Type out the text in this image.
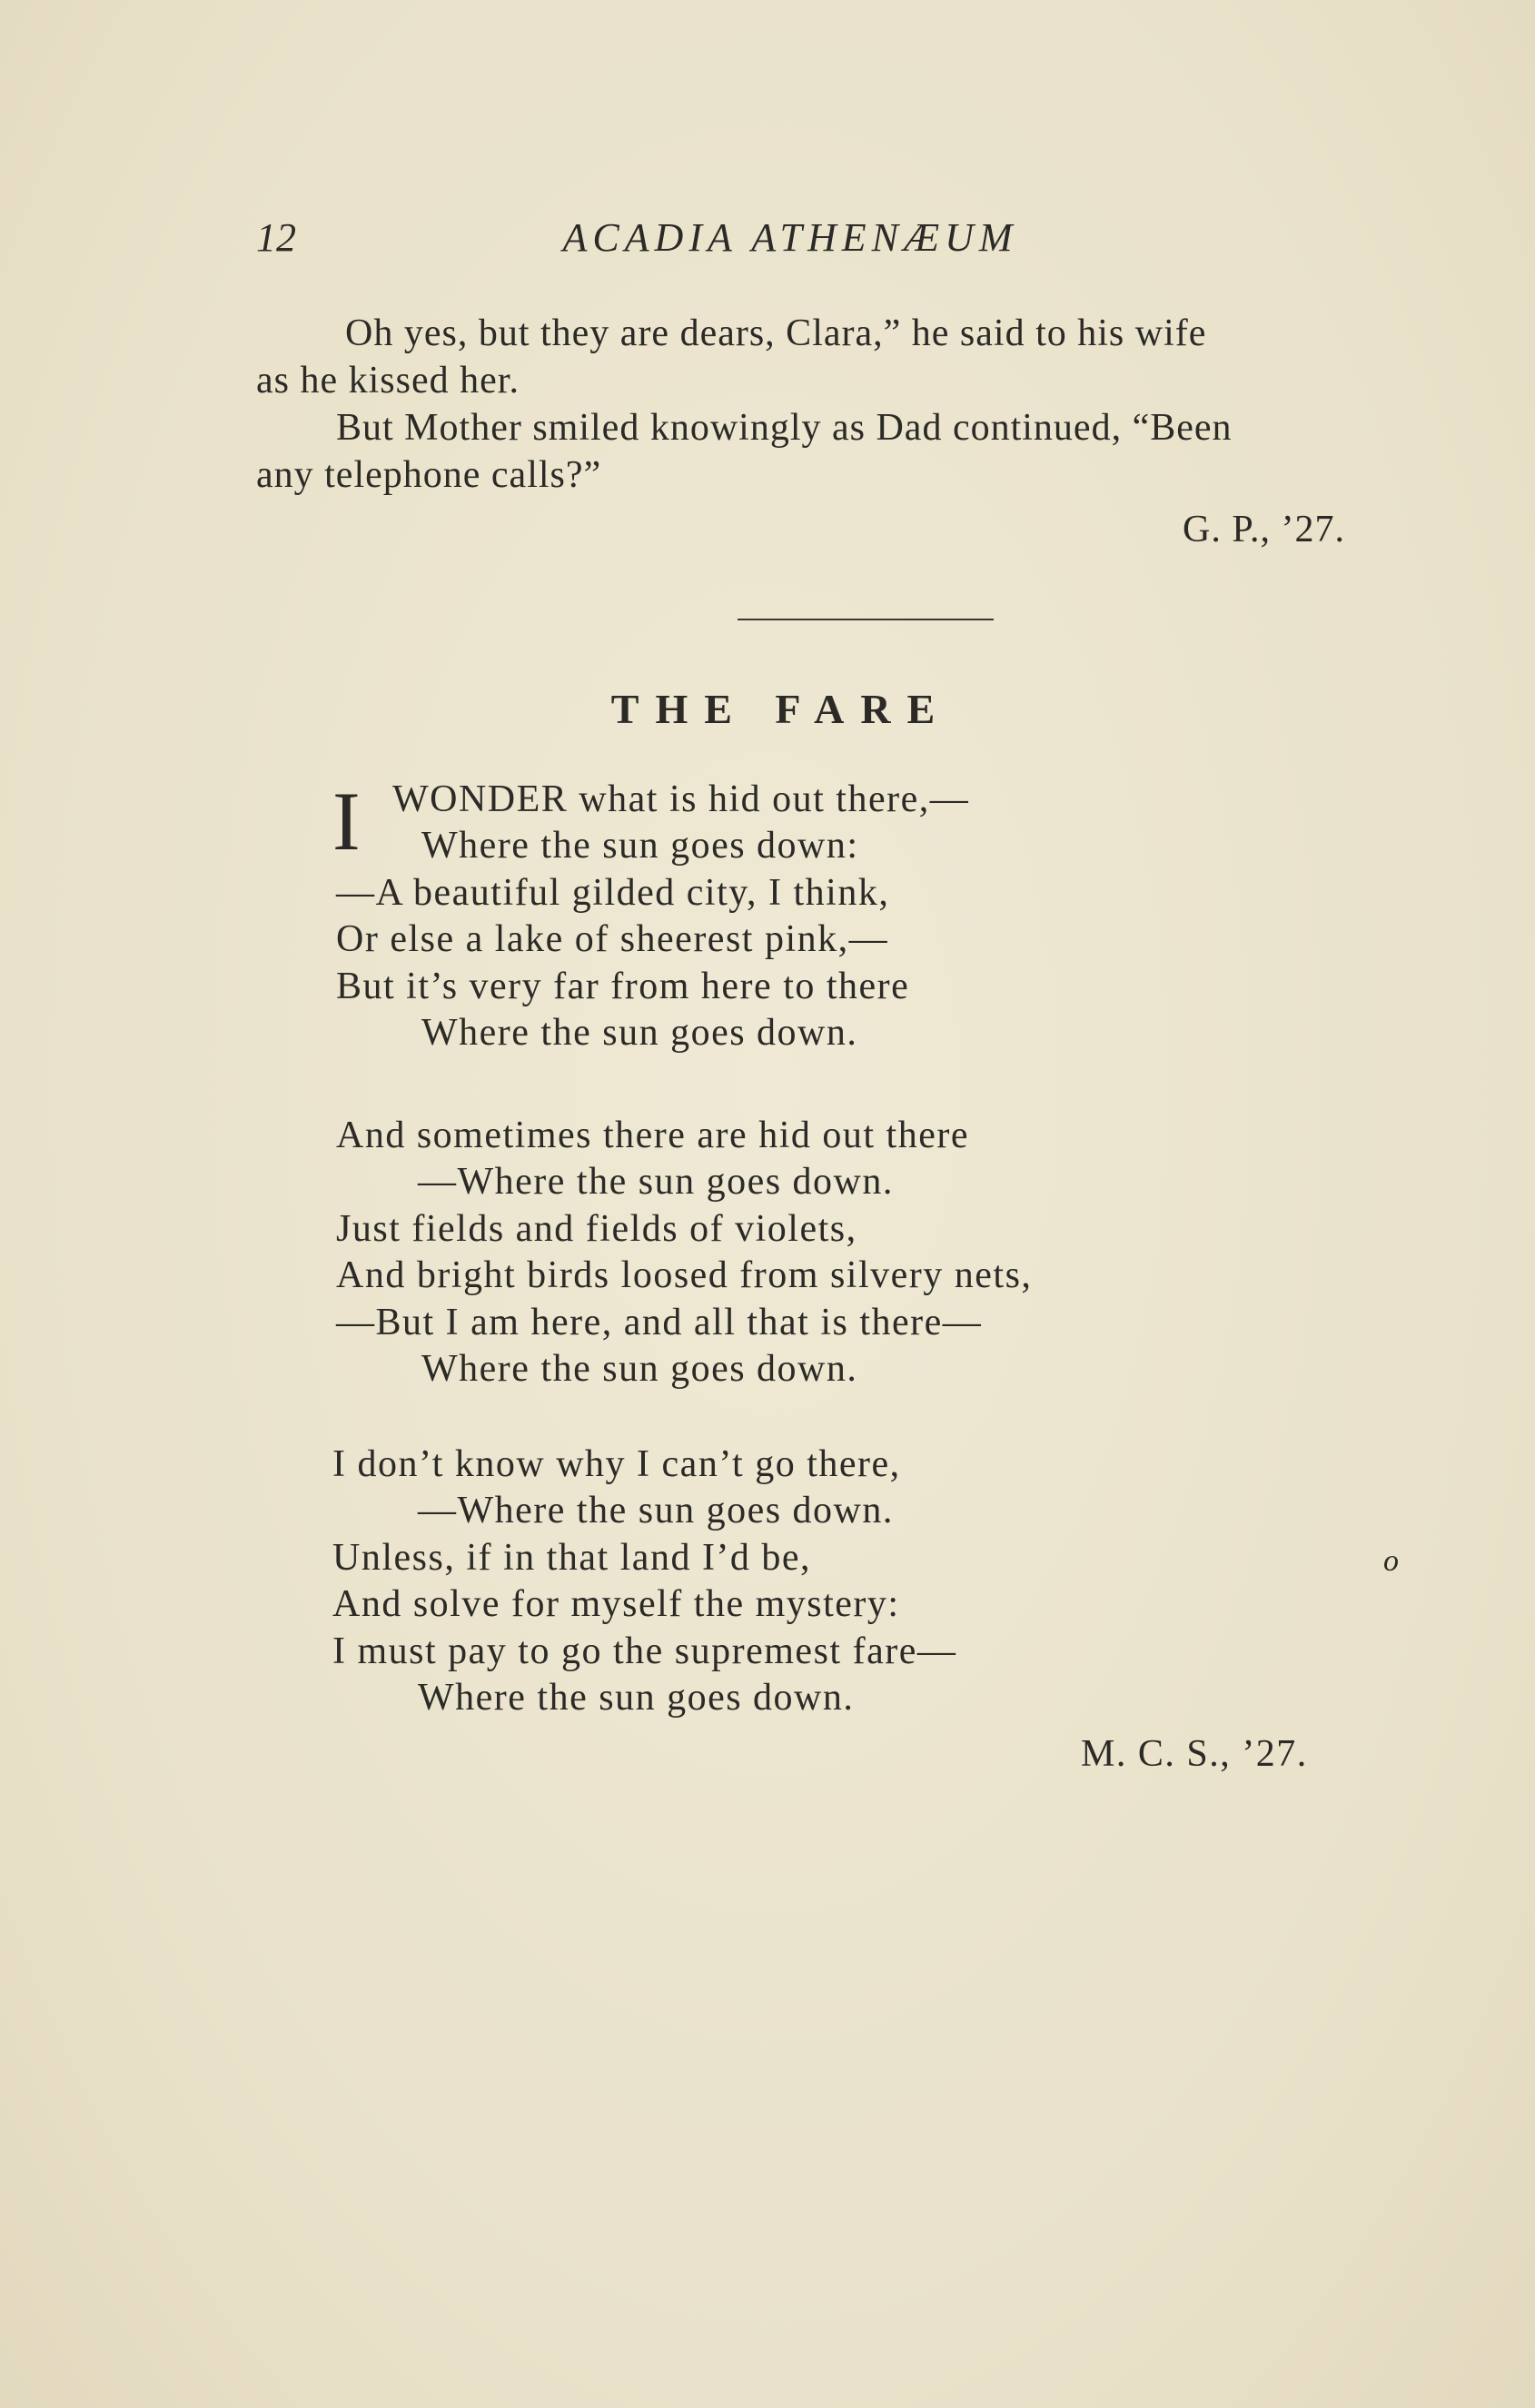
12	ACADIA ATHENÆUM
Oh yes, but they are dears, Clara,” he said to his wife
as he kissed her.
But Mother smiled knowingly as Dad continued, “Been
any telephone calls?”
G. P., ’27.
THE FARE
I WONDER what is hid out there,—
Where the sun goes down:
—A beautiful gilded city, I think,
Or else a lake of sheerest pink,—
But it’s very far from here to there
Where the sun goes down.
And sometimes there are hid out there
—Where the sun goes down.
Just fields and fields of violets,
And bright birds loosed from silvery nets,
—But I am here, and all that is there—
Where the sun goes down.
I don’t know why I can’t go there,
—Where the sun goes down.
Unless, if in that land I’d be,
And solve for myself the mystery:
I must pay to go the supremest fare—
Where the sun goes down.
M. C. S., ’27.
o
